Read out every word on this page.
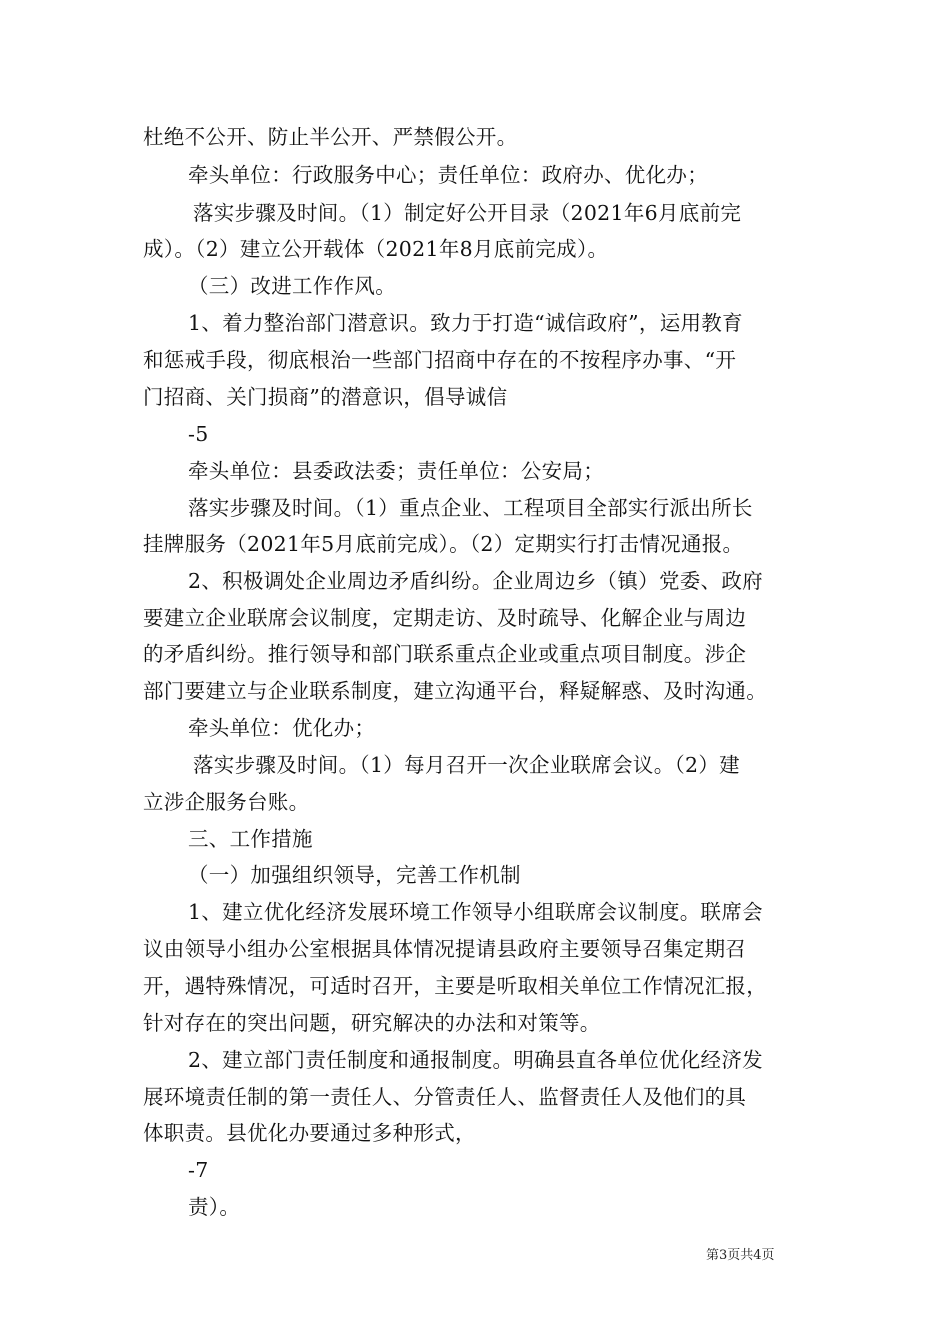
杜绝不公开、防止半公开、严禁假公开。
牵头单位：行政服务中心；责任单位：政府办、优化办；
落实步骤及时间。（1）制定好公开目录（2021年6月底前完
成）。（2）建立公开载体（2021年8月底前完成）。
（三）改进工作作风。
1、着力整治部门潜意识。致力于打造“诚信政府”，运用教育
和惩戒手段，彻底根治一些部门招商中存在的不按程序办事、“开
门招商、关门损商”的潜意识，倡导诚信
-5
牵头单位：县委政法委；责任单位：公安局；
落实步骤及时间。（1）重点企业、工程项目全部实行派出所长
挂牌服务（2021年5月底前完成）。（2）定期实行打击情况通报。
2、积极调处企业周边矛盾纠纷。企业周边乡（镇）党委、政府
要建立企业联席会议制度，定期走访、及时疏导、化解企业与周边
的矛盾纠纷。推行领导和部门联系重点企业或重点项目制度。涉企
部门要建立与企业联系制度，建立沟通平台，释疑解惑、及时沟通。
牵头单位：优化办；
落实步骤及时间。（1）每月召开一次企业联席会议。（2）建
立涉企服务台账。
三、工作措施
（一）加强组织领导，完善工作机制
1、建立优化经济发展环境工作领导小组联席会议制度。联席会
议由领导小组办公室根据具体情况提请县政府主要领导召集定期召
开，遇特殊情况，可适时召开，主要是听取相关单位工作情况汇报，
针对存在的突出问题，研究解决的办法和对策等。
2、建立部门责任制度和通报制度。明确县直各单位优化经济发
展环境责任制的第一责任人、分管责任人、监督责任人及他们的具
体职责。县优化办要通过多种形式，
-7
责）。
第3页共4页
